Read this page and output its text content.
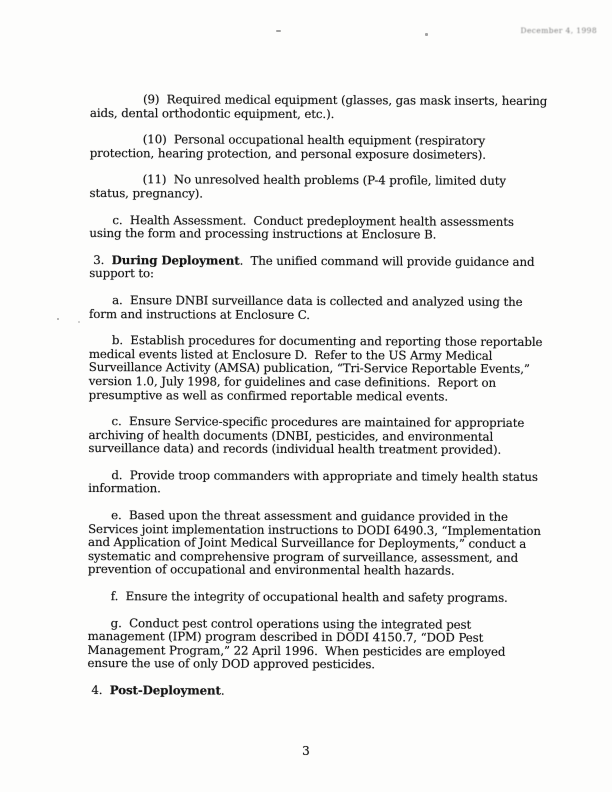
December 4, 1998

(9)  Required medical equipment (glasses, gas mask inserts, hearing aids, dental orthodontic equipment, etc.).

(10)  Personal occupational health equipment (respiratory protection, hearing protection, and personal exposure dosimeters).

(11)  No unresolved health problems (P-4 profile, limited duty status, pregnancy).

c.  Health Assessment.  Conduct predeployment health assessments using the form and processing instructions at Enclosure B.

3.  During Deployment.  The unified command will provide guidance and support to:

a.  Ensure DNBI surveillance data is collected and analyzed using the form and instructions at Enclosure C.

b.  Establish procedures for documenting and reporting those reportable medical events listed at Enclosure D.  Refer to the US Army Medical Surveillance Activity (AMSA) publication, “Tri-Service Reportable Events,” version 1.0, July 1998, for guidelines and case definitions.  Report on presumptive as well as confirmed reportable medical events.

c.  Ensure Service-specific procedures are maintained for appropriate archiving of health documents (DNBI, pesticides, and environmental surveillance data) and records (individual health treatment provided).

d.  Provide troop commanders with appropriate and timely health status information.

e.  Based upon the threat assessment and guidance provided in the Services joint implementation instructions to DODI 6490.3, “Implementation and Application of Joint Medical Surveillance for Deployments,” conduct a systematic and comprehensive program of surveillance, assessment, and prevention of occupational and environmental health hazards.

f.  Ensure the integrity of occupational health and safety programs.

g.  Conduct pest control operations using the integrated pest management (IPM) program described in DODI 4150.7, “DOD Pest Management Program,” 22 April 1996.  When pesticides are employed ensure the use of only DOD approved pesticides.

4.  Post-Deployment.

3
